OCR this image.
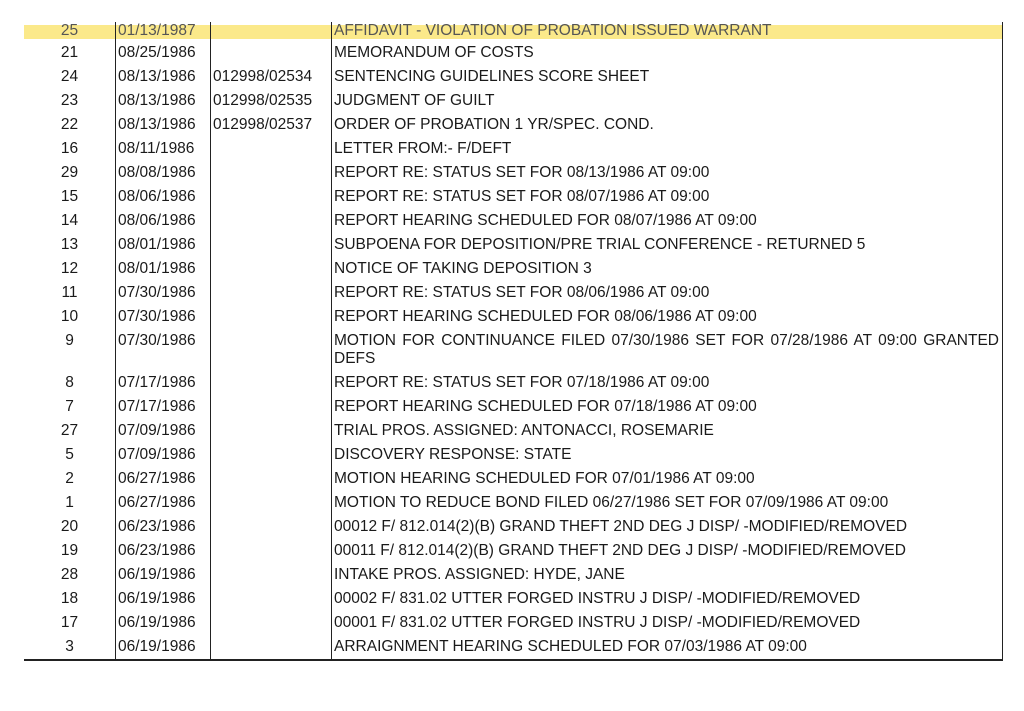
25	01/13/1987		AFFIDAVIT - VIOLATION OF PROBATION ISSUED WARRANT
21	08/25/1986		MEMORANDUM OF COSTS
24	08/13/1986	012998/02534	SENTENCING GUIDELINES SCORE SHEET
23	08/13/1986	012998/02535	JUDGMENT OF GUILT
22	08/13/1986	012998/02537	ORDER OF PROBATION 1 YR/SPEC. COND.
16	08/11/1986		LETTER FROM:- F/DEFT
29	08/08/1986		REPORT RE: STATUS SET FOR 08/13/1986 AT 09:00
15	08/06/1986		REPORT RE: STATUS SET FOR 08/07/1986 AT 09:00
14	08/06/1986		REPORT HEARING SCHEDULED FOR 08/07/1986 AT 09:00
13	08/01/1986		SUBPOENA FOR DEPOSITION/PRE TRIAL CONFERENCE - RETURNED 5
12	08/01/1986		NOTICE OF TAKING DEPOSITION 3
11	07/30/1986		REPORT RE: STATUS SET FOR 08/06/1986 AT 09:00
10	07/30/1986		REPORT HEARING SCHEDULED FOR 08/06/1986 AT 09:00
9	07/30/1986		MOTION FOR CONTINUANCE FILED 07/30/1986 SET FOR 07/28/1986 AT 09:00 GRANTED DEFS
8	07/17/1986		REPORT RE: STATUS SET FOR 07/18/1986 AT 09:00
7	07/17/1986		REPORT HEARING SCHEDULED FOR 07/18/1986 AT 09:00
27	07/09/1986		TRIAL PROS. ASSIGNED: ANTONACCI, ROSEMARIE
5	07/09/1986		DISCOVERY RESPONSE: STATE
2	06/27/1986		MOTION HEARING SCHEDULED FOR 07/01/1986 AT 09:00
1	06/27/1986		MOTION TO REDUCE BOND FILED 06/27/1986 SET FOR 07/09/1986 AT 09:00
20	06/23/1986		00012 F/ 812.014(2)(B) GRAND THEFT 2ND DEG J DISP/ -MODIFIED/REMOVED
19	06/23/1986		00011 F/ 812.014(2)(B) GRAND THEFT 2ND DEG J DISP/ -MODIFIED/REMOVED
28	06/19/1986		INTAKE PROS. ASSIGNED: HYDE, JANE
18	06/19/1986		00002 F/ 831.02 UTTER FORGED INSTRU J DISP/ -MODIFIED/REMOVED
17	06/19/1986		00001 F/ 831.02 UTTER FORGED INSTRU J DISP/ -MODIFIED/REMOVED
3	06/19/1986		ARRAIGNMENT HEARING SCHEDULED FOR 07/03/1986 AT 09:00
